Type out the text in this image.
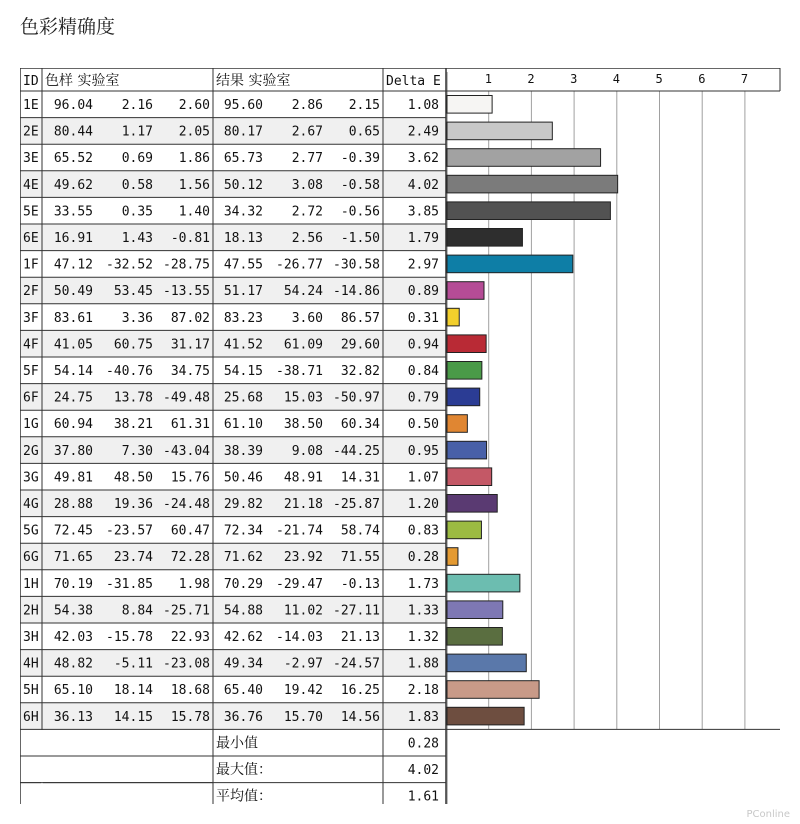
色彩精确度
ID 色样 实验室	结果 实验室	Delta E	1	2	3	4	5	6	7
1E 96.04 2.16 2.60 95.60 2.86 2.15 1.08
2E 80.44 1.17 2.05 80.17 2.67 0.65 2.49
3E 65.52 0.69 1.86 65.73 2.77 -0.39 3.62
4E 49.62 0.58 1.56 50.12 3.08 -0.58 4.02
5E 33.55 0.35 1.40 34.32 2.72 -0.56 3.85
6E 16.91 1.43 -0.81 18.13 2.56 -1.50 1.79
1F 47.12 -32.52 -28.75 47.55 -26.77 -30.58 2.97
2F 50.49 53.45 -13.55 51.17 54.24 -14.86 0.89
3F 83.61 3.36 87.02 83.23 3.60 86.57 0.31
4F 41.05 60.75 31.17 41.52 61.09 29.60 0.94
5F 54.14 -40.76 34.75 54.15 -38.71 32.82 0.84
6F 24.75 13.78 -49.48 25.68 15.03 -50.97 0.79
1G 60.94 38.21 61.31 61.10 38.50 60.34 0.50
2G 37.80 7.30 -43.04 38.39 9.08 -44.25 0.95
3G 49.81 48.50 15.76 50.46 48.91 14.31 1.07
4G 28.88 19.36 -24.48 29.82 21.18 -25.87 1.20
5G 72.45 -23.57 60.47 72.34 -21.74 58.74 0.83
6G 71.65 23.74 72.28 71.62 23.92 71.55 0.28
1H 70.19 -31.85 1.98 70.29 -29.47 -0.13 1.73
2H 54.38 8.84 -25.71 54.88 11.02 -27.11 1.33
3H 42.03 -15.78 22.93 42.62 -14.03 21.13 1.32
4H 48.82 -5.11 -23.08 49.34 -2.97 -24.57 1.88
5H 65.10 18.14 18.68 65.40 19.42 16.25 2.18
6H 36.13 14.15 15.78 36.76 15.70 14.56 1.83
最小值	0.28
最大值：	4.02
平均值：	1.61
PConline
